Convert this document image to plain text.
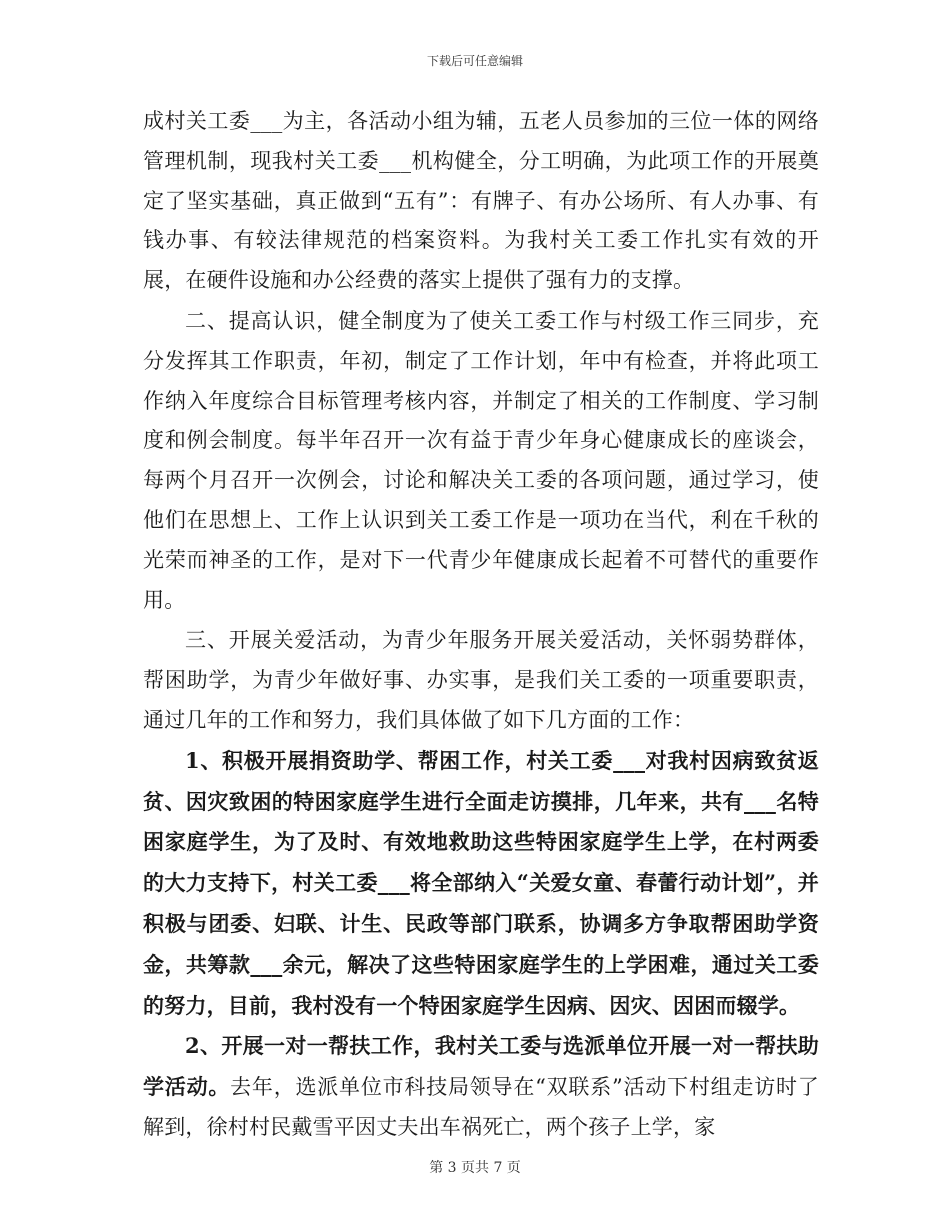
下载后可任意编辑

成村关工委___为主，各活动小组为辅，五老人员参加的三位一体的网络管理机制，现我村关工委___机构健全，分工明确，为此项工作的开展奠定了坚实基础，真正做到“五有”：有牌子、有办公场所、有人办事、有钱办事、有较法律规范的档案资料。为我村关工委工作扎实有效的开展，在硬件设施和办公经费的落实上提供了强有力的支撑。

二、提高认识，健全制度为了使关工委工作与村级工作三同步，充分发挥其工作职责，年初，制定了工作计划，年中有检查，并将此项工作纳入年度综合目标管理考核内容，并制定了相关的工作制度、学习制度和例会制度。每半年召开一次有益于青少年身心健康成长的座谈会，每两个月召开一次例会，讨论和解决关工委的各项问题，通过学习，使他们在思想上、工作上认识到关工委工作是一项功在当代，利在千秋的光荣而神圣的工作，是对下一代青少年健康成长起着不可替代的重要作用。

三、开展关爱活动，为青少年服务开展关爱活动，关怀弱势群体，帮困助学，为青少年做好事、办实事，是我们关工委的一项重要职责，通过几年的工作和努力，我们具体做了如下几方面的工作：

1、积极开展捐资助学、帮困工作，村关工委___对我村因病致贫返贫、因灾致困的特困家庭学生进行全面走访摸排，几年来，共有___名特困家庭学生，为了及时、有效地救助这些特困家庭学生上学，在村两委的大力支持下，村关工委___将全部纳入“关爱女童、春蕾行动计划”，并积极与团委、妇联、计生、民政等部门联系，协调多方争取帮困助学资金，共筹款___余元，解决了这些特困家庭学生的上学困难，通过关工委的努力，目前，我村没有一个特困家庭学生因病、因灾、因困而辍学。

2、开展一对一帮扶工作，我村关工委与选派单位开展一对一帮扶助学活动。去年，选派单位市科技局领导在“双联系”活动下村组走访时了解到，徐村村民戴雪平因丈夫出车祸死亡，两个孩子上学，家

第 3 页共 7 页
